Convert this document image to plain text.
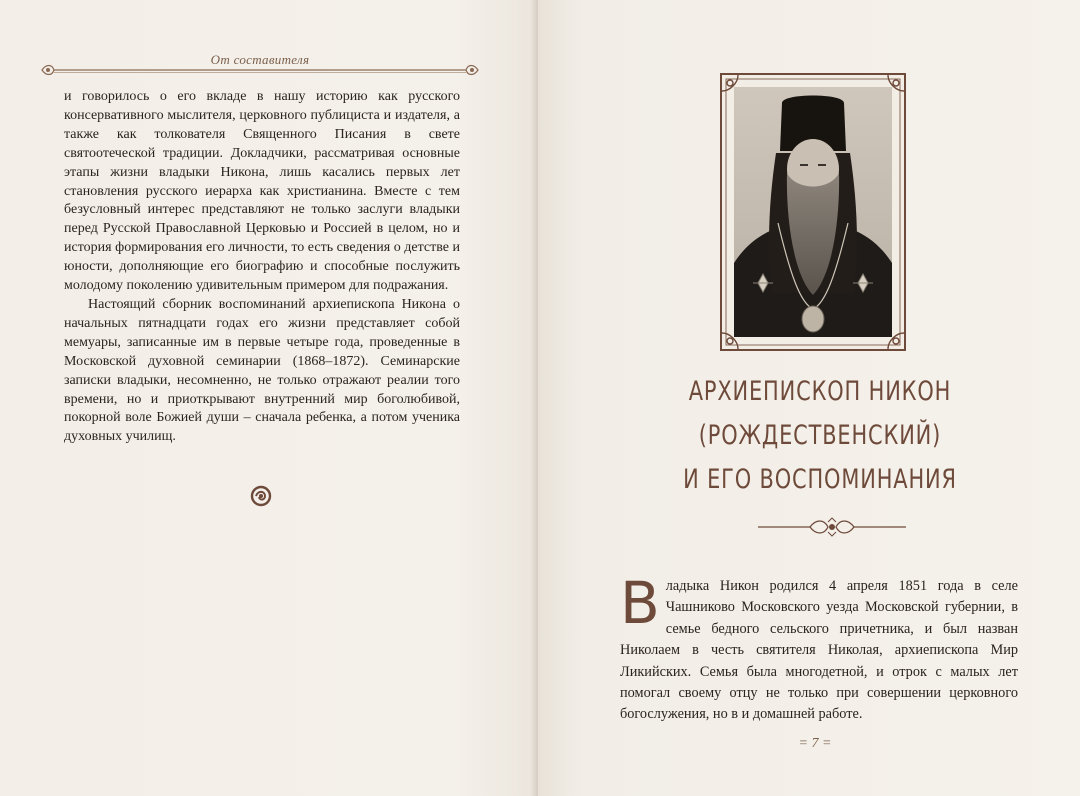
От составителя

и говорилось о его вкладе в нашу историю как русского консервативного мыслителя, церковного публициста и издателя, а также как толкователя Священного Писания в свете святоотеческой традиции. Докладчики, рассматривая основные этапы жизни владыки Никона, лишь касались первых лет становления русского иерарха как христианина. Вместе с тем безусловный интерес представляют не только заслуги владыки перед Русской Православной Церковью и Россией в целом, но и история формирования его личности, то есть сведения о детстве и юности, дополняющие его биографию и способные послужить молодому поколению удивительным примером для подражания.

Настоящий сборник воспоминаний архиепископа Никона о начальных пятнадцати годах его жизни представляет собой мемуары, записанные им в первые четыре года, проведенные в Московской духовной семинарии (1868–1872). Семинарские записки владыки, несомненно, не только отражают реалии того времени, но и приоткрывают внутренний мир боголюбивой, покорной воле Божией души – сначала ребенка, а потом ученика духовных училищ.

АРХИЕПИСКОП НИКОН
(РОЖДЕСТВЕНСКИЙ)
И ЕГО ВОСПОМИНАНИЯ
В ладыка Никон родился 4 апреля 1851 года в селе Чашниково Московского уезда Московской губернии, в семье бедного сельского причетника, и был назван Николаем в честь святителя Николая, архиепископа Мир Ликийских. Семья была многодетной, и отрок с малых лет помогал своему отцу не только при совершении церковного богослужения, но в и домашней работе.
= 7 =
